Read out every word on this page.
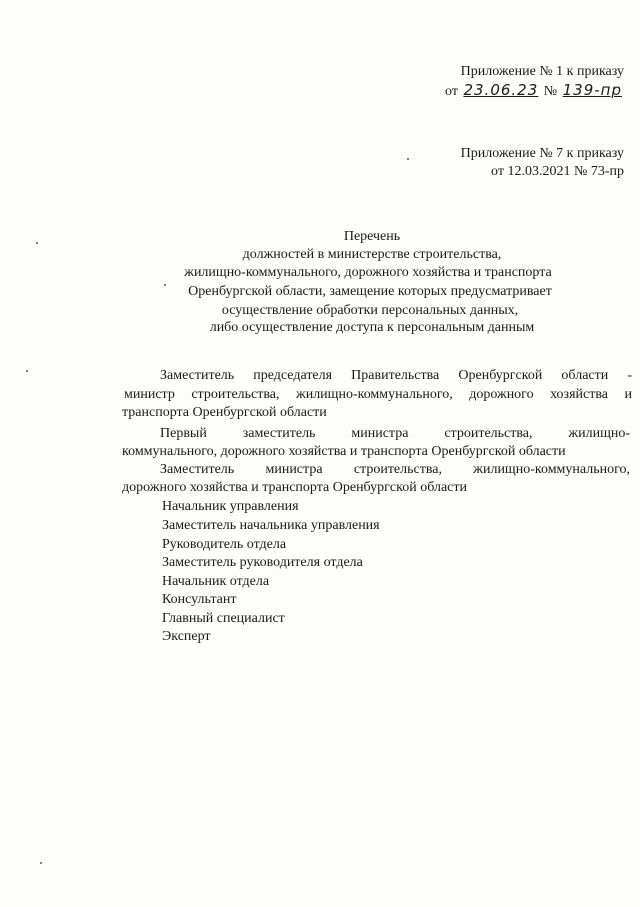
Приложение № 1 к приказу
от 23.06.23 № 139-пр
Приложение № 7 к приказу
от 12.03.2021 № 73-пр
Перечень
должностей в министерстве строительства,
жилищно-коммунального, дорожного хозяйства и транспорта
Оренбургской области, замещение которых предусматривает
осуществление обработки персональных данных,
либо осуществление доступа к персональным данным
Заместитель председателя Правительства Оренбургской области -
министр строительства, жилищно-коммунального, дорожного хозяйства и
транспорта Оренбургской области
Первый заместитель министра строительства, жилищно-
коммунального, дорожного хозяйства и транспорта Оренбургской области
Заместитель министра строительства, жилищно-коммунального,
дорожного хозяйства и транспорта Оренбургской области
Начальник управления
Заместитель начальника управления
Руководитель отдела
Заместитель руководителя отдела
Начальник отдела
Консультант
Главный специалист
Эксперт
